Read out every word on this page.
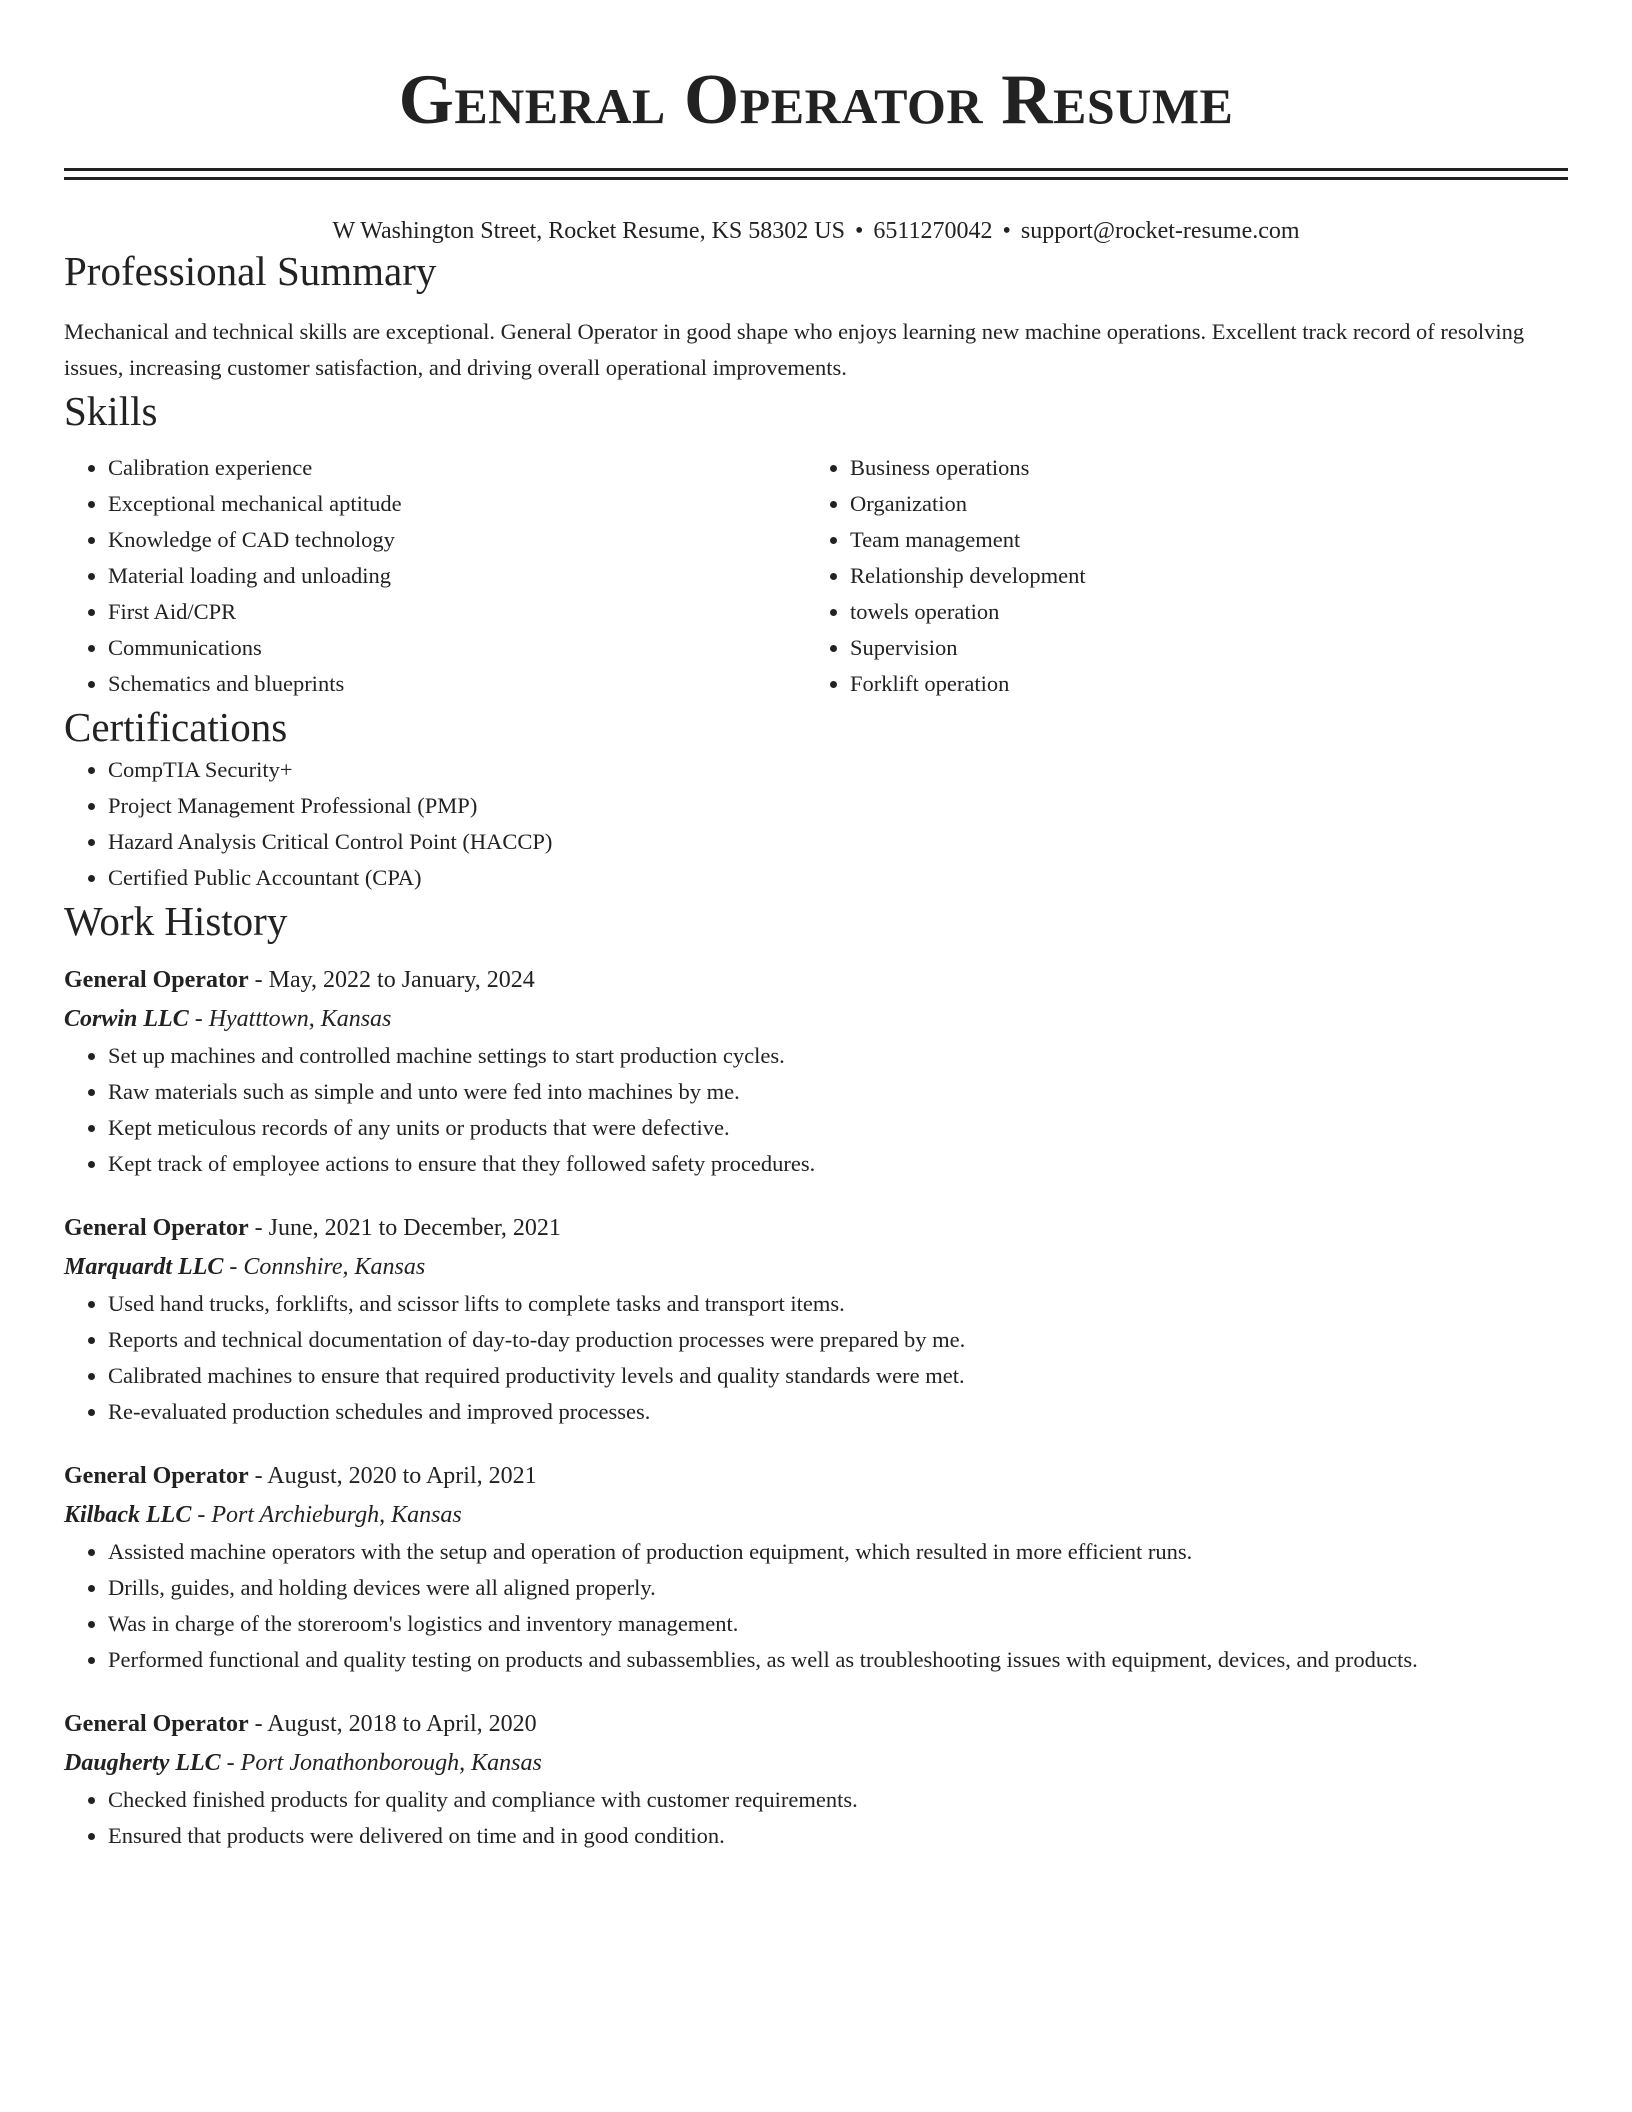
General Operator Resume
W Washington Street, Rocket Resume, KS 58302 US • 6511270042 • support@rocket-resume.com
Professional Summary

Mechanical and technical skills are exceptional. General Operator in good shape who enjoys learning new machine operations. Excellent track record of resolving issues, increasing customer satisfaction, and driving overall operational improvements.

Skills
• Calibration experience
• Exceptional mechanical aptitude
• Knowledge of CAD technology
• Material loading and unloading
• First Aid/CPR
• Communications
• Schematics and blueprints
• Business operations
• Organization
• Team management
• Relationship development
• towels operation
• Supervision
• Forklift operation
Certifications
• CompTIA Security+
• Project Management Professional (PMP)
• Hazard Analysis Critical Control Point (HACCP)
• Certified Public Accountant (CPA)
Work History
General Operator - May, 2022 to January, 2024
Corwin LLC - Hyatttown, Kansas
• Set up machines and controlled machine settings to start production cycles.
• Raw materials such as simple and unto were fed into machines by me.
• Kept meticulous records of any units or products that were defective.
• Kept track of employee actions to ensure that they followed safety procedures.
General Operator - June, 2021 to December, 2021
Marquardt LLC - Connshire, Kansas
• Used hand trucks, forklifts, and scissor lifts to complete tasks and transport items.
• Reports and technical documentation of day-to-day production processes were prepared by me.
• Calibrated machines to ensure that required productivity levels and quality standards were met.
• Re-evaluated production schedules and improved processes.
General Operator - August, 2020 to April, 2021
Kilback LLC - Port Archieburgh, Kansas
• Assisted machine operators with the setup and operation of production equipment, which resulted in more efficient runs.
• Drills, guides, and holding devices were all aligned properly.
• Was in charge of the storeroom's logistics and inventory management.
• Performed functional and quality testing on products and subassemblies, as well as troubleshooting issues with equipment, devices, and products.
General Operator - August, 2018 to April, 2020
Daugherty LLC - Port Jonathonborough, Kansas
• Checked finished products for quality and compliance with customer requirements.
• Ensured that products were delivered on time and in good condition.
